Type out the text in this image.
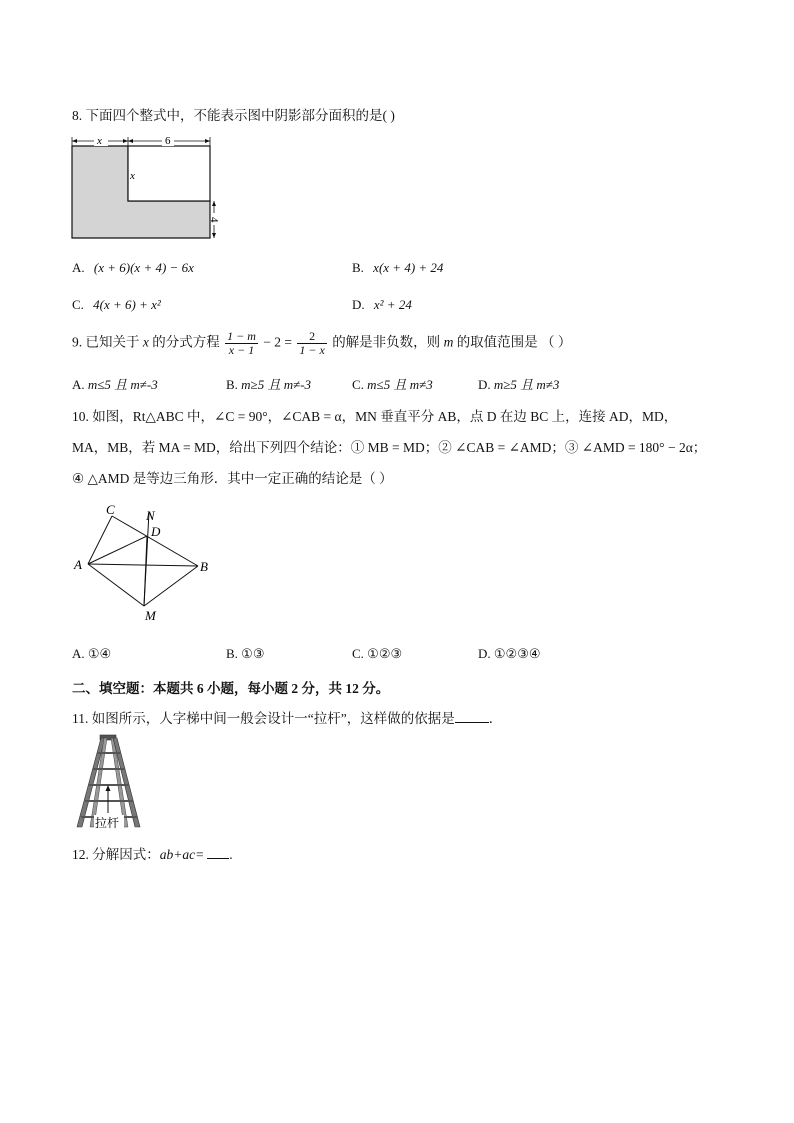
8. 下面四个整式中，不能表示图中阴影部分面积的是( )
x	6
x
4
A. (x + 6)(x + 4) − 6x	B. x(x + 4) + 24
C. 4(x + 6) + x²	D. x² + 24
9. 已知关于 x 的分式方程 $\frac{1 - m}{x - 1} - 2 = \frac{2}{1 - x}$ 的解是非负数，则 m 的取值范围是 （ ）
A. m≤5 且 m≠-3	B. m≥5 且 m≠-3	C. m≤5 且 m≠3	D. m≥5 且 m≠3
10. 如图，Rt△ABC 中，∠C = 90°，∠CAB = α，MN 垂直平分 AB，点 D 在边 BC 上，连接 AD，MD，
MA，MB，若 MA = MD，给出下列四个结论：① MB = MD；② ∠CAB = ∠AMD；③ ∠AMD = 180° − 2α；
④ △AMD 是等边三角形．其中一定正确的结论是（ ）
C N
D
A	B
M
A. ①④	B. ①③	C. ①②③	D. ①②③④
二、填空题：本题共 6 小题，每小题 2 分，共 12 分。
11. 如图所示，人字梯中间一般会设计一“拉杆”，这样做的依据是	．
拉杆
12. 分解因式：ab+ac= .
